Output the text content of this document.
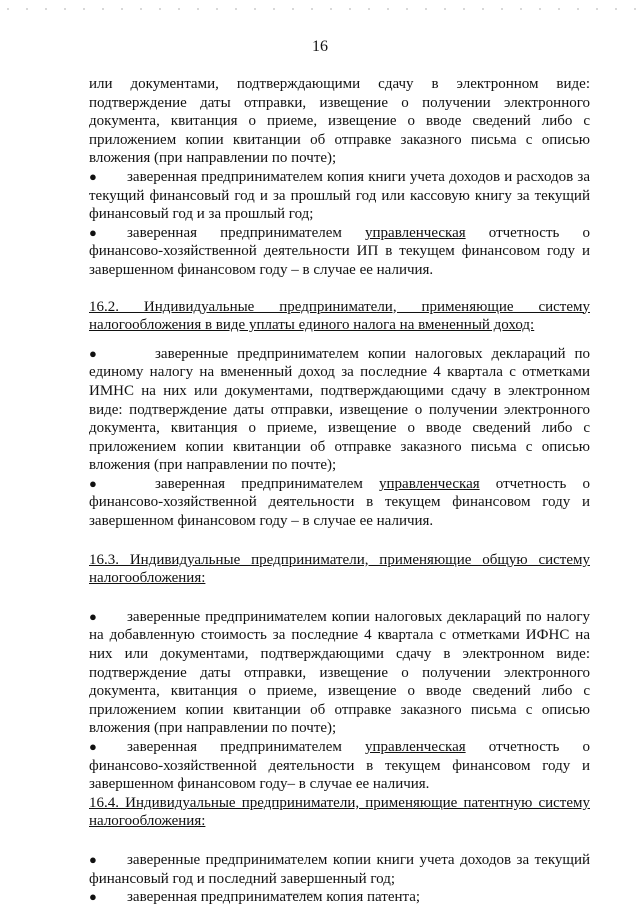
16

или документами, подтверждающими сдачу в электронном виде: подтверждение даты отправки, извещение о получении электронного документа, квитанция о приеме, извещение о вводе сведений либо с приложением копии квитанции об отправке заказного письма с описью вложения (при направлении по почте);

● заверенная предпринимателем копия книги учета доходов и расходов за текущий финансовый год и за прошлый год или кассовую книгу за текущий финансовый год и за прошлый год;

● заверенная предпринимателем управленческая отчетность о финансово-хозяйственной деятельности ИП в текущем финансовом году и завершенном финансовом году – в случае ее наличия.

16.2. Индивидуальные предприниматели, применяющие систему

налогообложения в виде уплаты единого налога на вмененный доход:

●	заверенные предпринимателем копии налоговых деклараций по единому налогу на вмененный доход за последние 4 квартала с отметками ИМНС на них или документами, подтверждающими сдачу в электронном виде: подтверждение даты отправки, извещение о получении электронного документа, квитанция о приеме, извещение о вводе сведений либо с приложением копии квитанции об отправке заказного письма с описью вложения (при направлении по почте);

●	заверенная предпринимателем управленческая отчетность о финансово-хозяйственной деятельности в текущем финансовом году и завершенном финансовом году – в случае ее наличия.

16.3. Индивидуальные предприниматели, применяющие общую систему

налогообложения:

● заверенные предпринимателем копии налоговых деклараций по налогу на добавленную стоимость за последние 4 квартала с отметками ИФНС на них или документами, подтверждающими сдачу в электронном виде: подтверждение даты отправки, извещение о получении электронного документа, квитанция о приеме, извещение о вводе сведений либо с приложением копии квитанции об отправке заказного письма с описью вложения (при направлении по почте);

● заверенная предпринимателем управленческая отчетность о финансово-хозяйственной деятельности в текущем финансовом году и завершенном финансовом году– в случае ее наличия.

16.4. Индивидуальные предприниматели, применяющие патентную систему

налогообложения:

● заверенные предпринимателем копии книги учета доходов за текущий финансовый год и последний завершенный год;

● заверенная предпринимателем копия патента;
